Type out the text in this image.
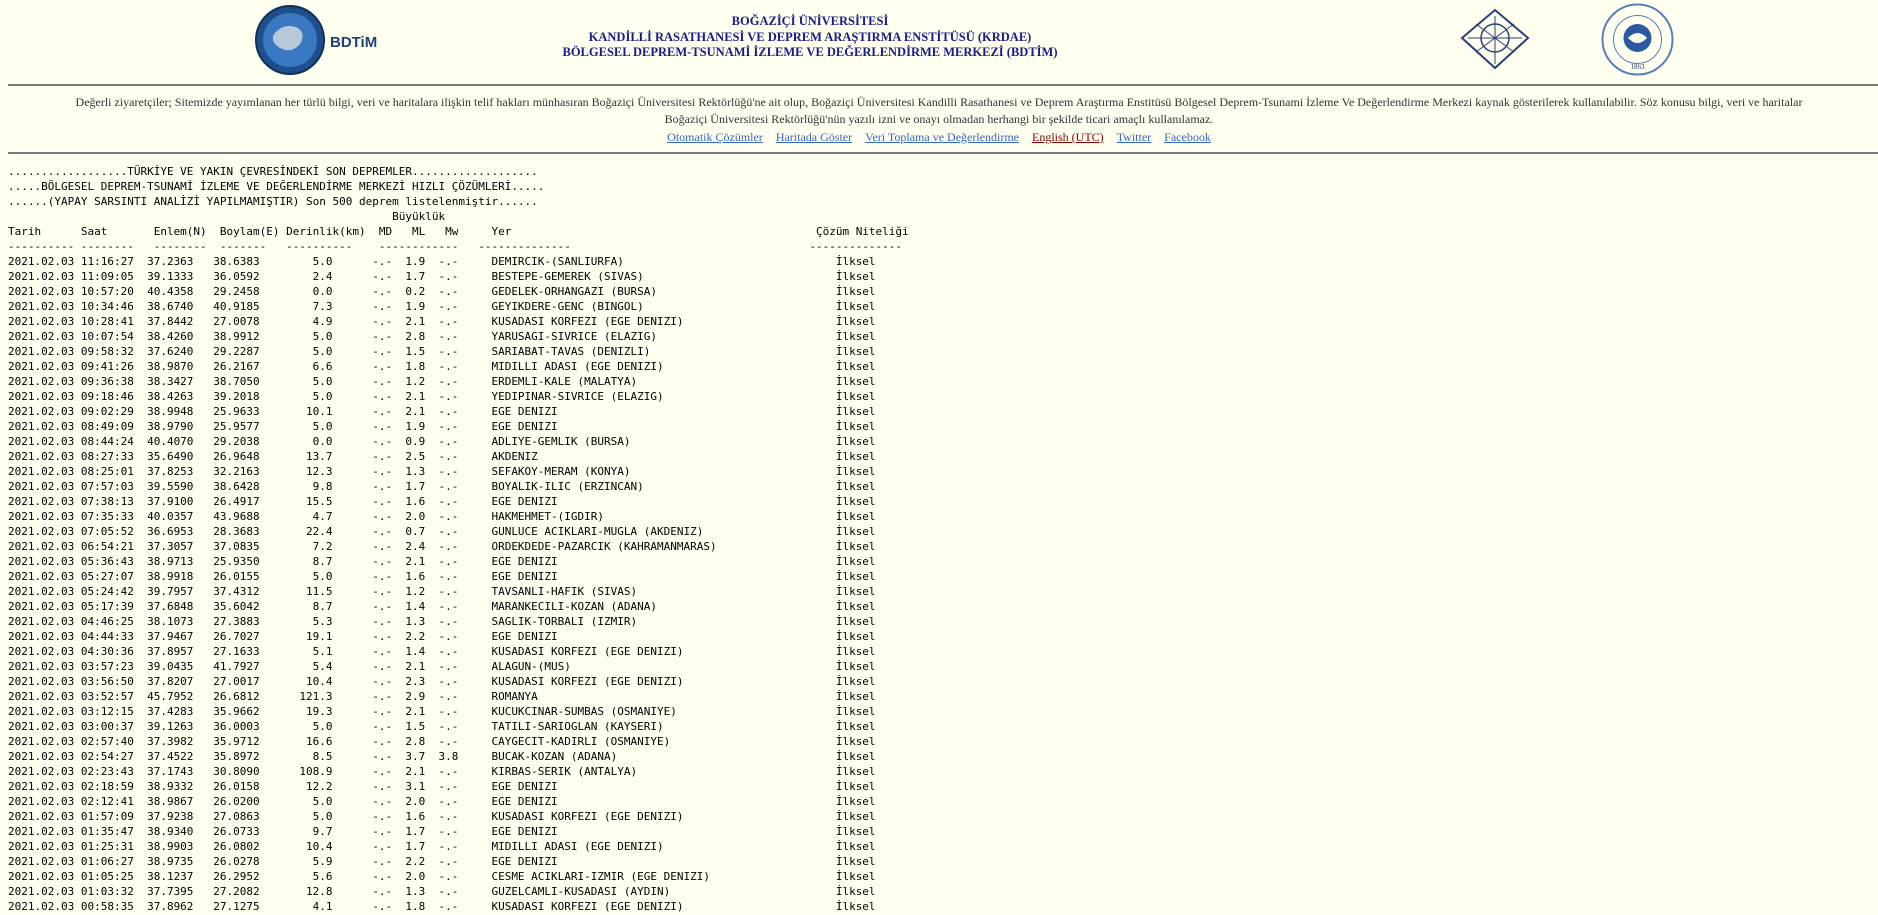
BDTiM
BOĞAZİÇİ ÜNİVERSİTESİ
KANDİLLİ RASATHANESİ VE DEPREM ARAŞTIRMA ENSTİTÜSÜ (KRDAE)
BÖLGESEL DEPREM-TSUNAMİ İZLEME VE DEĞERLENDİRME MERKEZİ (BDTİM)
1863
Değerli ziyaretçiler; Sitemizde yayımlanan her türlü bilgi, veri ve haritalara ilişkin telif hakları münhasıran Boğaziçi Üniversitesi Rektörlüğü'ne ait olup, Boğaziçi Üniversitesi Kandilli Rasathanesi ve Deprem Araştırma Enstitüsü Bölgesel Deprem-Tsunami İzleme Ve Değerlendirme Merkezi kaynak gösterilerek kullanılabilir. Söz konusu bilgi, veri ve haritalar
Boğaziçi Üniversitesi Rektörlüğü'nün yazılı izni ve onayı olmadan herhangi bir şekilde ticari amaçlı kullanılamaz.
Otomatik Çözümler Haritada Göster Veri Toplama ve Değerlendirme English (UTC) Twitter Facebook
..................TÜRKİYE VE YAKIN ÇEVRESİNDEKİ SON DEPREMLER...................
.....BÖLGESEL DEPREM-TSUNAMİ İZLEME VE DEĞERLENDİRME MERKEZİ HIZLI ÇÖZÜMLERİ.....
......(YAPAY SARSINTI ANALİZİ YAPILMAMIŞTIR) Son 500 deprem listelenmiştir......
Büyüklük
Tarih      Saat       Enlem(N)  Boylam(E) Derinlik(km)  MD   ML   Mw     Yer                                              Çözüm Niteliği
---------- --------   --------  -------   ----------    ------------   --------------                                    --------------
2021.02.03 11:16:27  37.2363   38.6383        5.0      -.-  1.9  -.-     DEMIRCIK-(SANLIURFA)                                İlksel
2021.02.03 11:09:05  39.1333   36.0592        2.4      -.-  1.7  -.-     BESTEPE-GEMEREK (SIVAS)                             İlksel
2021.02.03 10:57:20  40.4358   29.2458        0.0      -.-  0.2  -.-     GEDELEK-ORHANGAZI (BURSA)                           İlksel
2021.02.03 10:34:46  38.6740   40.9185        7.3      -.-  1.9  -.-     GEYIKDERE-GENC (BINGOL)                             İlksel
2021.02.03 10:28:41  37.8442   27.0078        4.9      -.-  2.1  -.-     KUSADASI KORFEZI (EGE DENIZI)                       İlksel
2021.02.03 10:07:54  38.4260   38.9912        5.0      -.-  2.8  -.-     YARUSAGI-SIVRICE (ELAZIG)                           İlksel
2021.02.03 09:58:32  37.6240   29.2287        5.0      -.-  1.5  -.-     SARIABAT-TAVAS (DENIZLI)                            İlksel
2021.02.03 09:41:26  38.9870   26.2167        6.6      -.-  1.8  -.-     MIDILLI ADASI (EGE DENIZI)                          İlksel
2021.02.03 09:36:38  38.3427   38.7050        5.0      -.-  1.2  -.-     ERDEMLI-KALE (MALATYA)                              İlksel
2021.02.03 09:18:46  38.4263   39.2018        5.0      -.-  2.1  -.-     YEDIPINAR-SIVRICE (ELAZIG)                          İlksel
2021.02.03 09:02:29  38.9948   25.9633       10.1      -.-  2.1  -.-     EGE DENIZI                                          İlksel
2021.02.03 08:49:09  38.9790   25.9577        5.0      -.-  1.9  -.-     EGE DENIZI                                          İlksel
2021.02.03 08:44:24  40.4070   29.2038        0.0      -.-  0.9  -.-     ADLIYE-GEMLIK (BURSA)                               İlksel
2021.02.03 08:27:33  35.6490   26.9648       13.7      -.-  2.5  -.-     AKDENIZ                                             İlksel
2021.02.03 08:25:01  37.8253   32.2163       12.3      -.-  1.3  -.-     SEFAKOY-MERAM (KONYA)                               İlksel
2021.02.03 07:57:03  39.5590   38.6428        9.8      -.-  1.7  -.-     BOYALIK-ILIC (ERZINCAN)                             İlksel
2021.02.03 07:38:13  37.9100   26.4917       15.5      -.-  1.6  -.-     EGE DENIZI                                          İlksel
2021.02.03 07:35:33  40.0357   43.9688        4.7      -.-  2.0  -.-     HAKMEHMET-(IGDIR)                                   İlksel
2021.02.03 07:05:52  36.6953   28.3683       22.4      -.-  0.7  -.-     GUNLUCE ACIKLARI-MUGLA (AKDENIZ)                    İlksel
2021.02.03 06:54:21  37.3057   37.0835        7.2      -.-  2.4  -.-     ORDEKDEDE-PAZARCIK (KAHRAMANMARAS)                  İlksel
2021.02.03 05:36:43  38.9713   25.9350        8.7      -.-  2.1  -.-     EGE DENIZI                                          İlksel
2021.02.03 05:27:07  38.9918   26.0155        5.0      -.-  1.6  -.-     EGE DENIZI                                          İlksel
2021.02.03 05:24:42  39.7957   37.4312       11.5      -.-  1.2  -.-     TAVSANLI-HAFIK (SIVAS)                              İlksel
2021.02.03 05:17:39  37.6848   35.6042        8.7      -.-  1.4  -.-     MARANKECILI-KOZAN (ADANA)                           İlksel
2021.02.03 04:46:25  38.1073   27.3883        5.3      -.-  1.3  -.-     SAGLIK-TORBALI (IZMIR)                              İlksel
2021.02.03 04:44:33  37.9467   26.7027       19.1      -.-  2.2  -.-     EGE DENIZI                                          İlksel
2021.02.03 04:30:36  37.8957   27.1633        5.1      -.-  1.4  -.-     KUSADASI KORFEZI (EGE DENIZI)                       İlksel
2021.02.03 03:57:23  39.0435   41.7927        5.4      -.-  2.1  -.-     ALAGUN-(MUS)                                        İlksel
2021.02.03 03:56:50  37.8207   27.0017       10.4      -.-  2.3  -.-     KUSADASI KORFEZI (EGE DENIZI)                       İlksel
2021.02.03 03:52:57  45.7952   26.6812      121.3      -.-  2.9  -.-     ROMANYA                                             İlksel
2021.02.03 03:12:15  37.4283   35.9662       19.3      -.-  2.1  -.-     KUCUKCINAR-SUMBAS (OSMANIYE)                        İlksel
2021.02.03 03:00:37  39.1263   36.0003        5.0      -.-  1.5  -.-     TATILI-SARIOGLAN (KAYSERI)                          İlksel
2021.02.03 02:57:40  37.3982   35.9712       16.6      -.-  2.8  -.-     CAYGECIT-KADIRLI (OSMANIYE)                         İlksel
2021.02.03 02:54:27  37.4522   35.8972        8.5      -.-  3.7  3.8     BUCAK-KOZAN (ADANA)                                 İlksel
2021.02.03 02:23:43  37.1743   30.8090      108.9      -.-  2.1  -.-     KIRBAS-SERIK (ANTALYA)                              İlksel
2021.02.03 02:18:59  38.9332   26.0158       12.2      -.-  3.1  -.-     EGE DENIZI                                          İlksel
2021.02.03 02:12:41  38.9867   26.0200        5.0      -.-  2.0  -.-     EGE DENIZI                                          İlksel
2021.02.03 01:57:09  37.9238   27.0863        5.0      -.-  1.6  -.-     KUSADASI KORFEZI (EGE DENIZI)                       İlksel
2021.02.03 01:35:47  38.9340   26.0733        9.7      -.-  1.7  -.-     EGE DENIZI                                          İlksel
2021.02.03 01:25:31  38.9903   26.0802       10.4      -.-  1.7  -.-     MIDILLI ADASI (EGE DENIZI)                          İlksel
2021.02.03 01:06:27  38.9735   26.0278        5.9      -.-  2.2  -.-     EGE DENIZI                                          İlksel
2021.02.03 01:05:25  38.1237   26.2952        5.6      -.-  2.0  -.-     CESME ACIKLARI-IZMIR (EGE DENIZI)                   İlksel
2021.02.03 01:03:32  37.7395   27.2082       12.8      -.-  1.3  -.-     GUZELCAMLI-KUSADASI (AYDIN)                         İlksel
2021.02.03 00:58:35  37.8962   27.1275        4.1      -.-  1.8  -.-     KUSADASI KORFEZI (EGE DENIZI)                       İlksel
